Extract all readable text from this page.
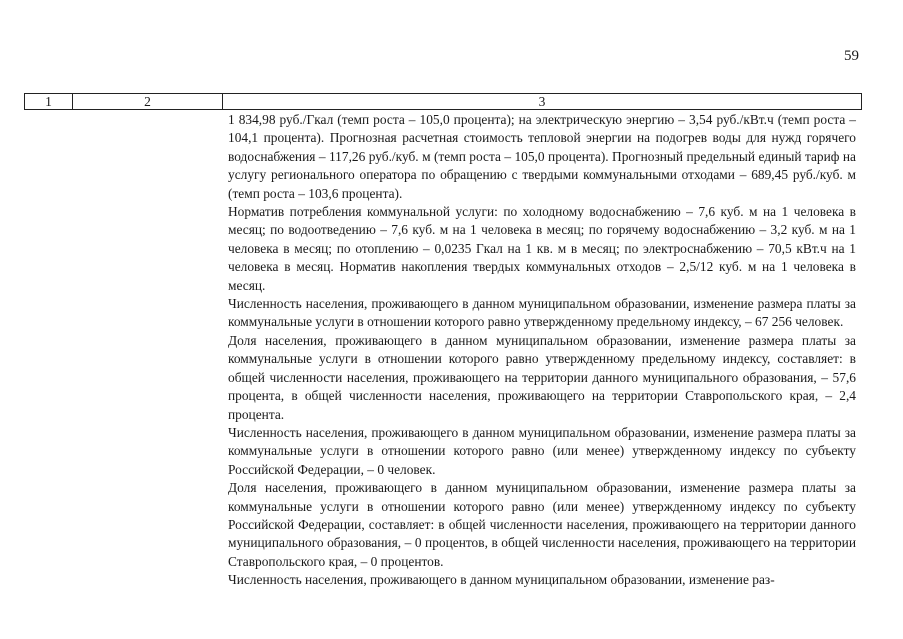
59
1	2	3

1 834,98 руб./Гкал (темп роста – 105,0 процента); на электрическую энергию – 3,54 руб./кВт.ч (темп роста – 104,1 процента). Прогнозная расчетная стоимость тепловой энергии на подогрев воды для нужд горячего водоснабжения – 117,26 руб./куб. м (темп роста – 105,0 процента). Прогнозный предельный единый тариф на услугу регионального оператора по обращению с твердыми коммунальными отходами – 689,45 руб./куб. м (темп роста – 103,6 процента).

Норматив потребления коммунальной услуги: по холодному водоснабжению – 7,6 куб. м на 1 человека в месяц; по водоотведению – 7,6 куб. м на 1 человека в месяц; по горячему водоснабжению – 3,2 куб. м на 1 человека в месяц; по отоплению – 0,0235 Гкал на 1 кв. м в месяц; по электроснабжению – 70,5 кВт.ч на 1 человека в месяц. Норматив накопления твердых коммунальных отходов – 2,5/12 куб. м на 1 человека в месяц.

Численность населения, проживающего в данном муниципальном образовании, изменение размера платы за коммунальные услуги в отношении которого равно утвержденному предельному индексу, – 67 256 человек.

Доля населения, проживающего в данном муниципальном образовании, изменение размера платы за коммунальные услуги в отношении которого равно утвержденному предельному индексу, составляет: в общей численности населения, проживающего на территории данного муниципального образования, – 57,6 процента, в общей численности населения, проживающего на территории Ставропольского края, – 2,4 процента.

Численность населения, проживающего в данном муниципальном образовании, изменение размера платы за коммунальные услуги в отношении которого равно (или менее) утвержденному индексу по субъекту Российской Федерации, – 0 человек.

Доля населения, проживающего в данном муниципальном образовании, изменение размера платы за коммунальные услуги в отношении которого равно (или менее) утвержденному индексу по субъекту Российской Федерации, составляет: в общей численности населения, проживающего на территории данного муниципального образования, – 0 процентов, в общей численности населения, проживающего на территории Ставропольского края, – 0 процентов.

Численность населения, проживающего в данном муниципальном образовании, изменение раз-
